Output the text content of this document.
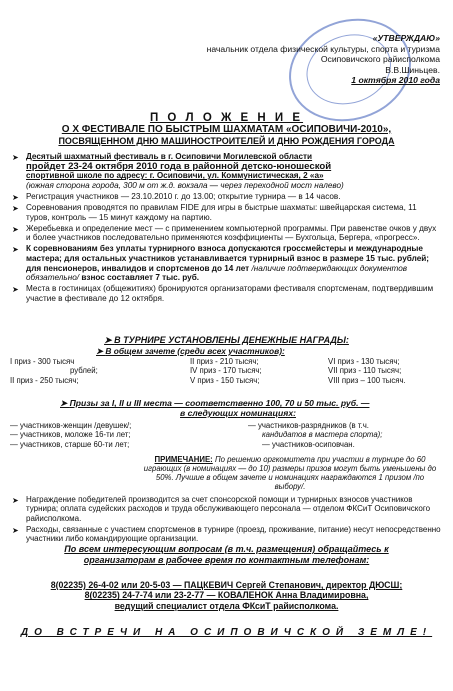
«УТВЕРЖДАЮ»
начальник отдела физической культуры, спорта и туризма
Осиповичского райисполкома
В.В.Шиньцев.
1 октября 2010 года
П О Л О Ж Е Н И Е
О X ФЕСТИВАЛЕ ПО БЫСТРЫМ ШАХМАТАМ «ОСИПОВИЧИ-2010»,
ПОСВЯЩЕННОМ ДНЮ МАШИНОСТРОИТЕЛЕЙ И ДНЮ РОЖДЕНИЯ ГОРОДА
➤ Десятый шахматный фестиваль в г. Осиповичи Могилевской области
пройдет 23-24 октября 2010 года в районной детско-юношеской
спортивной школе по адресу: г. Осиповичи, ул. Коммунистическая, 2 «а»
(южная сторона города, 300 м от ж.д. вокзала — через переходной мост налево)
➤ Регистрация участников — 23.10.2010 г. до 13.00; открытие турнира — в 14 часов.
➤ Соревнования проводятся по правилам FIDE для игры в быстрые шахматы: швейцарская система, 11 туров, контроль — 15 минут каждому на партию.
➤ Жеребьевка и определение мест — с применением компьютерной программы. При равенстве очков у двух и более участников последовательно применяются коэффициенты — Бухгольца, Бергера, «прогресс».
➤ К соревнованиям без уплаты турнирного взноса допускаются гроссмейстеры и международные мастера; для остальных участников устанавливается турнирный взнос в размере 15 тыс. рублей; для пенсионеров, инвалидов и спортсменов до 14 лет /наличие подтверждающих документов обязательно/ взнос составляет 7 тыс. руб.
➤ Места в гостиницах (общежитиях) бронируются организаторами фестиваля спортсменам, подтвердившим участие в фестивале до 12 октября.
➤ В ТУРНИРЕ УСТАНОВЛЕНЫ ДЕНЕЖНЫЕ НАГРАДЫ:
➤ В общем зачете (среди всех участников):
I приз - 300 тысяч	II приз - 210 тысяч;	VI приз - 130 тысяч;
рублей;	IV приз - 170 тысяч;	VII приз - 110 тысяч;
II приз - 250 тысяч;	V приз - 150 тысяч;	VIII приз – 100 тысяч.
➤ Призы за I, II и III места — соответственно 100, 70 и 50 тыс. руб. —
в следующих номинациях:
— участников-женщин /девушек/;	— участников-разрядников (в т.ч.
— участников, моложе 16-ти лет;	кандидатов в мастера спорта);
— участников, старше 60-ти лет;	— участников-осиповчан.
ПРИМЕЧАНИЕ: По решению оргкомитета при участии в турнире до 60 играющих (в номинациях — до 10) размеры призов могут быть уменьшены до 50%. Лучшие в общем зачете и номинациях награждаются 1 призом /по выбору/.
➤ Награждение победителей производится за счет спонсорской помощи и турнирных взносов участников турнира; оплата судейских расходов и труда обслуживающего персонала — отделом ФКСиТ Осиповичского райисполкома.
➤ Расходы, связанные с участием спортсменов в турнире (проезд, проживание, питание) несут непосредственно участники либо командирующие организации.
По всем интересующим вопросам (в т.ч. размещения) обращайтесь к
организаторам в рабочее время по контактным телефонам:
8(02235) 26-4-02 или 20-5-03 — ПАЦКЕВИЧ Сергей Степанович, директор ДЮСШ;
8(02235) 24-7-74 или 23-2-77 — КОВАЛЕНОК Анна Владимировна,
ведущий специалист отдела ФКсиТ райисполкома.
ДО ВСТРЕЧИ НА ОСИПОВИЧСКОЙ ЗЕМЛЕ!
